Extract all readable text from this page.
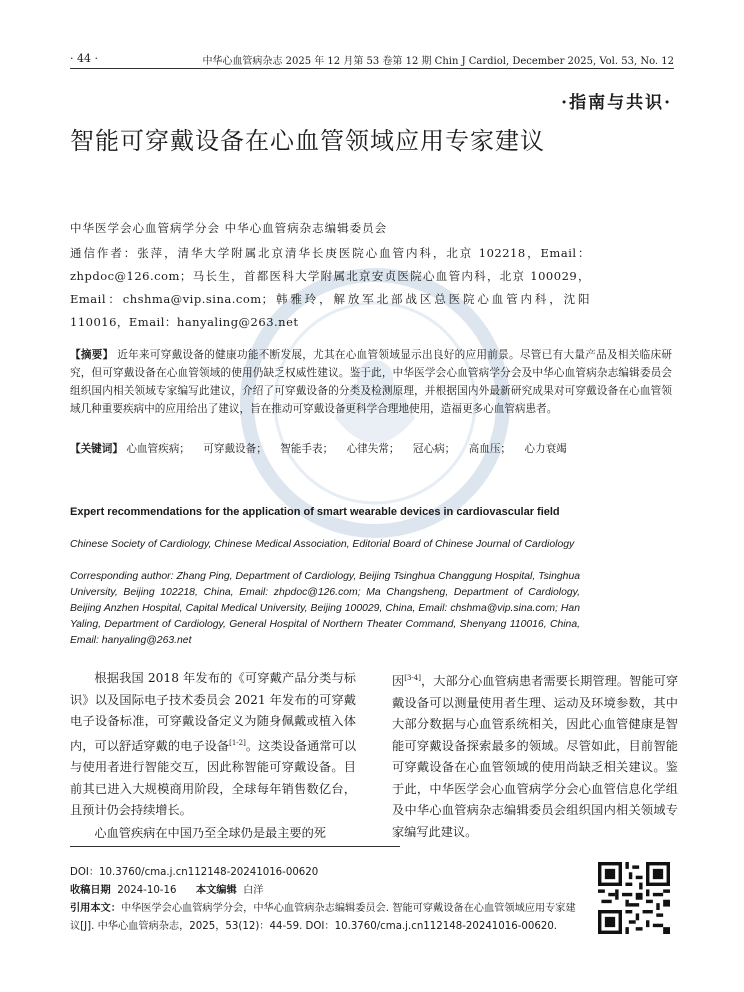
· 44 ·	中华心血管病杂志 2025 年 12 月第 53 卷第 12 期 Chin J Cardiol, December 2025, Vol. 53, No. 12
·指南与共识·
智能可穿戴设备在心血管领域应用专家建议
中华医学会心血管病学分会 中华心血管病杂志编辑委员会
通信作者：张萍，清华大学附属北京清华长庚医院心血管内科，北京 102218，Email：zhpdoc@126.com；马长生，首都医科大学附属北京安贞医院心血管内科，北京 100029，Email：chshma@vip.sina.com；韩雅玲，解放军北部战区总医院心血管内科，沈阳 110016，Email：hanyaling@263.net
【摘要】 近年来可穿戴设备的健康功能不断发展，尤其在心血管领域显示出良好的应用前景。尽管已有大量产品及相关临床研究，但可穿戴设备在心血管领域的使用仍缺乏权威性建议。鉴于此，中华医学会心血管病学分会及中华心血管病杂志编辑委员会组织国内相关领域专家编写此建议，介绍了可穿戴设备的分类及检测原理，并根据国内外最新研究成果对可穿戴设备在心血管领域几种重要疾病中的应用给出了建议，旨在推动可穿戴设备更科学合理地使用，造福更多心血管病患者。
【关键词】 心血管疾病； 可穿戴设备； 智能手表； 心律失常； 冠心病； 高血压； 心力衰竭
Expert recommendations for the application of smart wearable devices in cardiovascular field
Chinese Society of Cardiology, Chinese Medical Association, Editorial Board of Chinese Journal of Cardiology
Corresponding author: Zhang Ping, Department of Cardiology, Beijing Tsinghua Changgung Hospital, Tsinghua University, Beijing 102218, China, Email: zhpdoc@126.com; Ma Changsheng, Department of Cardiology, Beijing Anzhen Hospital, Capital Medical University, Beijing 100029, China, Email: chshma@vip.sina.com; Han Yaling, Department of Cardiology, General Hospital of Northern Theater Command, Shenyang 110016, China, Email: hanyaling@263.net

根据我国 2018 年发布的《可穿戴产品分类与标识》以及国际电子技术委员会 2021 年发布的可穿戴电子设备标准，可穿戴设备定义为随身佩戴或植入体内，可以舒适穿戴的电子设备[1-2]。这类设备通常可以与使用者进行智能交互，因此称智能可穿戴设备。目前其已进入大规模商用阶段，全球每年销售数亿台，且预计仍会持续增长。

心血管疾病在中国乃至全球仍是最主要的死

因[3-4]，大部分心血管病患者需要长期管理。智能可穿戴设备可以测量使用者生理、运动及环境参数，其中大部分数据与心血管系统相关，因此心血管健康是智能可穿戴设备探索最多的领域。尽管如此，目前智能可穿戴设备在心血管领域的使用尚缺乏相关建议。鉴于此，中华医学会心血管病学分会心血管信息化学组及中华心血管病杂志编辑委员会组织国内相关领域专家编写此建议。

DOI：10.3760/cma.j.cn112148-20241016-00620
收稿日期 2024-10-16 本文编辑 白洋
引用本文：中华医学会心血管病学分会，中华心血管病杂志编辑委员会. 智能可穿戴设备在心血管领域应用专家建议[J]. 中华心血管病杂志，2025，53(12)：44-59. DOI：10.3760/cma.j.cn112148-20241016-00620.
